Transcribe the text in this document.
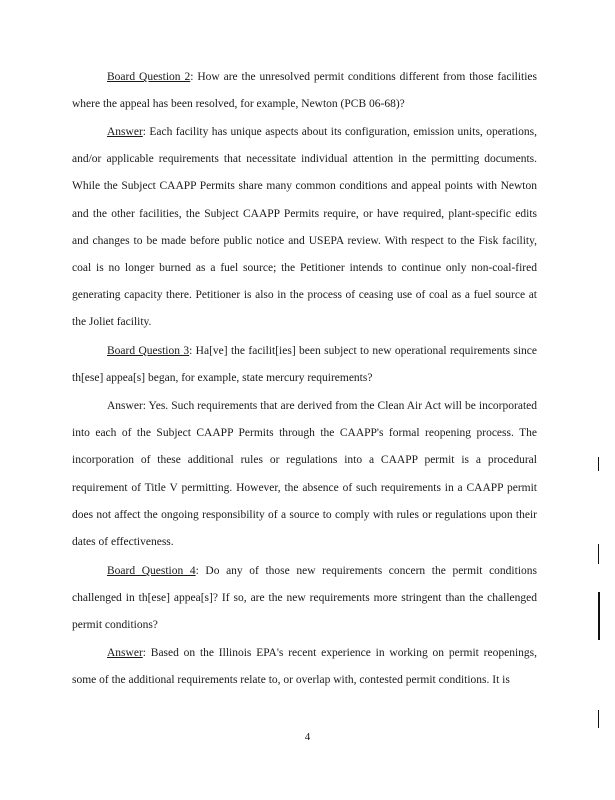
Board Question 2: How are the unresolved permit conditions different from those facilities where the appeal has been resolved, for example, Newton (PCB 06-68)?

Answer: Each facility has unique aspects about its configuration, emission units, operations, and/or applicable requirements that necessitate individual attention in the permitting documents. While the Subject CAAPP Permits share many common conditions and appeal points with Newton and the other facilities, the Subject CAAPP Permits require, or have required, plant-specific edits and changes to be made before public notice and USEPA review. With respect to the Fisk facility, coal is no longer burned as a fuel source; the Petitioner intends to continue only non-coal-fired generating capacity there. Petitioner is also in the process of ceasing use of coal as a fuel source at the Joliet facility.

Board Question 3: Ha[ve] the facilit[ies] been subject to new operational requirements since th[ese] appea[s] began, for example, state mercury requirements?

Answer: Yes. Such requirements that are derived from the Clean Air Act will be incorporated into each of the Subject CAAPP Permits through the CAAPP's formal reopening process. The incorporation of these additional rules or regulations into a CAAPP permit is a procedural requirement of Title V permitting. However, the absence of such requirements in a CAAPP permit does not affect the ongoing responsibility of a source to comply with rules or regulations upon their dates of effectiveness.

Board Question 4: Do any of those new requirements concern the permit conditions challenged in th[ese] appea[s]? If so, are the new requirements more stringent than the challenged permit conditions?

Answer: Based on the Illinois EPA's recent experience in working on permit reopenings, some of the additional requirements relate to, or overlap with, contested permit conditions. It is

4
